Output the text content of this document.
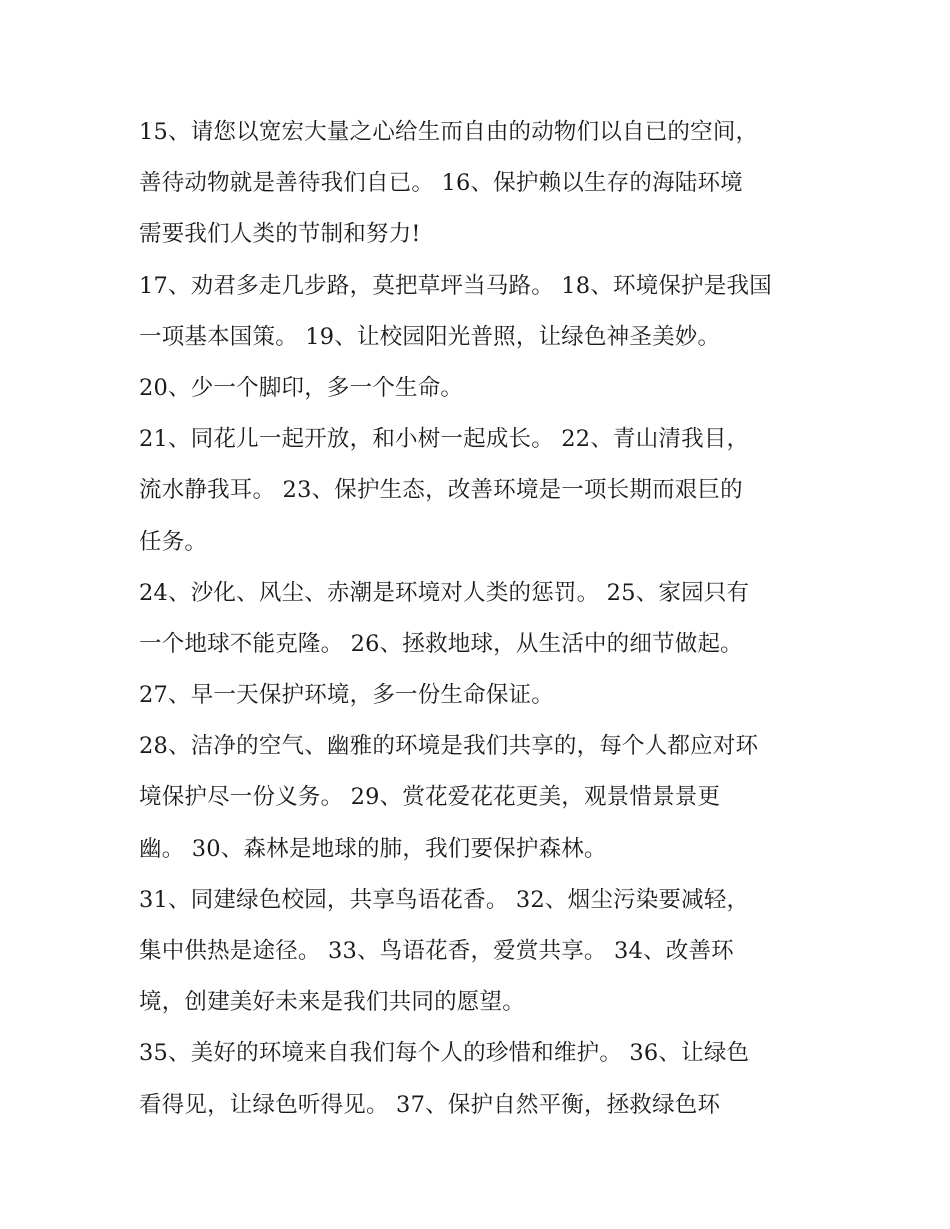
15、请您以宽宏大量之心给生而自由的动物们以自已的空间，
善待动物就是善待我们自已。 16、保护赖以生存的海陆环境
需要我们人类的节制和努力!
17、劝君多走几步路，莫把草坪当马路。 18、环境保护是我国
一项基本国策。 19、让校园阳光普照，让绿色神圣美妙。
20、少一个脚印，多一个生命。
21、同花儿一起开放，和小树一起成长。 22、青山清我目，
流水静我耳。 23、保护生态，改善环境是一项长期而艰巨的
任务。
24、沙化、风尘、赤潮是环境对人类的惩罚。 25、家园只有
一个地球不能克隆。 26、拯救地球，从生活中的细节做起。
27、早一天保护环境，多一份生命保证。
28、洁净的空气、幽雅的环境是我们共享的，每个人都应对环
境保护尽一份义务。 29、赏花爱花花更美，观景惜景景更
幽。 30、森林是地球的肺，我们要保护森林。
31、同建绿色校园，共享鸟语花香。 32、烟尘污染要减轻，
集中供热是途径。 33、鸟语花香，爱赏共享。 34、改善环
境，创建美好未来是我们共同的愿望。
35、美好的环境来自我们每个人的珍惜和维护。 36、让绿色
看得见，让绿色听得见。 37、保护自然平衡，拯救绿色环
